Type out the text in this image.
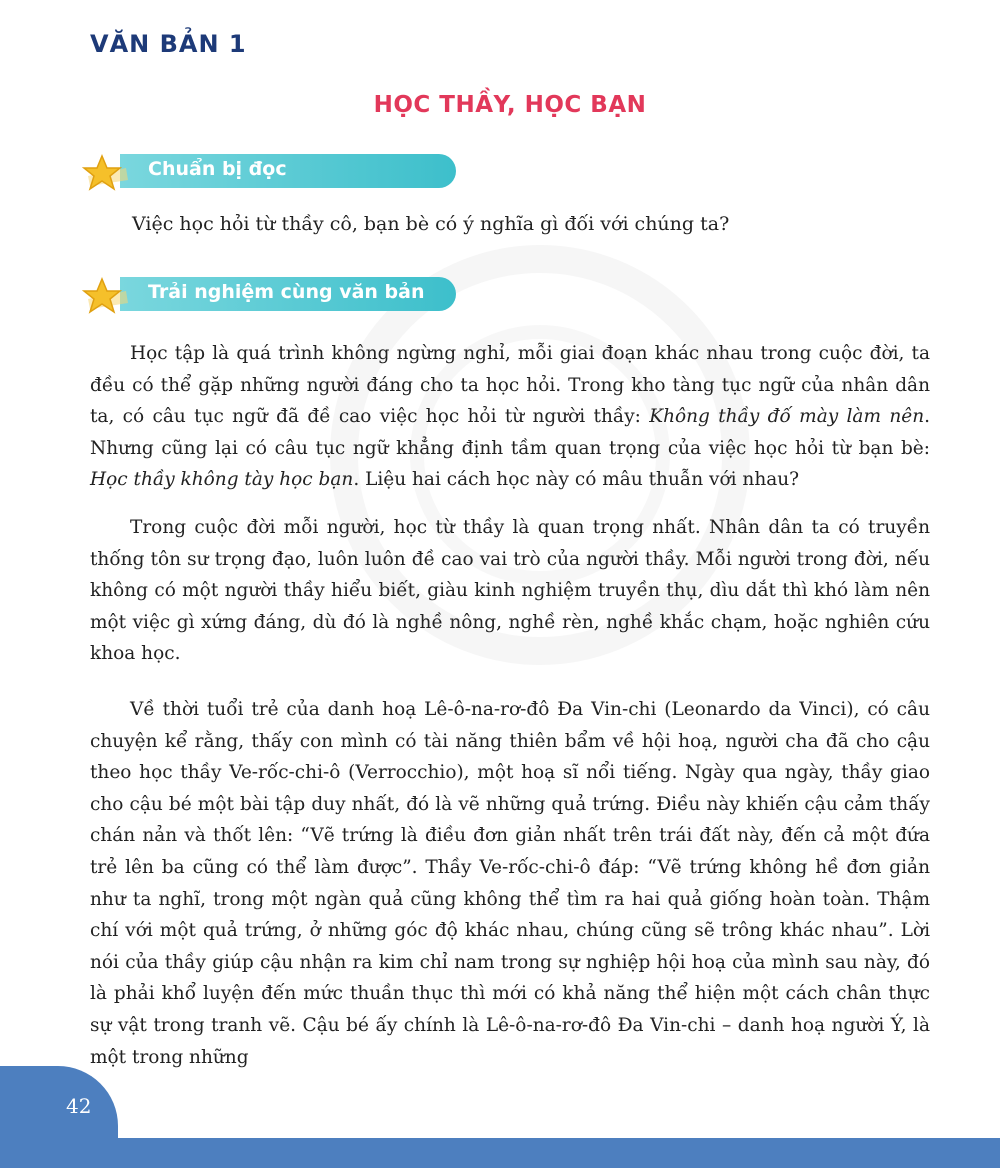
VĂN BẢN 1
HỌC THẦY, HỌC BẠN
Chuẩn bị đọc
Việc học hỏi từ thầy cô, bạn bè có ý nghĩa gì đối với chúng ta?
Trải nghiệm cùng văn bản

Học tập là quá trình không ngừng nghỉ, mỗi giai đoạn khác nhau trong cuộc đời, ta đều có thể gặp những người đáng cho ta học hỏi. Trong kho tàng tục ngữ của nhân dân ta, có câu tục ngữ đã đề cao việc học hỏi từ người thầy: Không thầy đố mày làm nên. Nhưng cũng lại có câu tục ngữ khẳng định tầm quan trọng của việc học hỏi từ bạn bè: Học thầy không tày học bạn. Liệu hai cách học này có mâu thuẫn với nhau?

Trong cuộc đời mỗi người, học từ thầy là quan trọng nhất. Nhân dân ta có truyền thống tôn sư trọng đạo, luôn luôn đề cao vai trò của người thầy. Mỗi người trong đời, nếu không có một người thầy hiểu biết, giàu kinh nghiệm truyền thụ, dìu dắt thì khó làm nên một việc gì xứng đáng, dù đó là nghề nông, nghề rèn, nghề khắc chạm, hoặc nghiên cứu khoa học.

Về thời tuổi trẻ của danh hoạ Lê-ô-na-rơ-đô Đa Vin-chi (Leonardo da Vinci), có câu chuyện kể rằng, thấy con mình có tài năng thiên bẩm về hội hoạ, người cha đã cho cậu theo học thầy Ve-rốc-chi-ô (Verrocchio), một hoạ sĩ nổi tiếng. Ngày qua ngày, thầy giao cho cậu bé một bài tập duy nhất, đó là vẽ những quả trứng. Điều này khiến cậu cảm thấy chán nản và thốt lên: “Vẽ trứng là điều đơn giản nhất trên trái đất này, đến cả một đứa trẻ lên ba cũng có thể làm được”. Thầy Ve-rốc-chi-ô đáp: “Vẽ trứng không hề đơn giản như ta nghĩ, trong một ngàn quả cũng không thể tìm ra hai quả giống hoàn toàn. Thậm chí với một quả trứng, ở những góc độ khác nhau, chúng cũng sẽ trông khác nhau”. Lời nói của thầy giúp cậu nhận ra kim chỉ nam trong sự nghiệp hội hoạ của mình sau này, đó là phải khổ luyện đến mức thuần thục thì mới có khả năng thể hiện một cách chân thực sự vật trong tranh vẽ. Cậu bé ấy chính là Lê-ô-na-rơ-đô Đa Vin-chi – danh hoạ người Ý, là một trong những

42
